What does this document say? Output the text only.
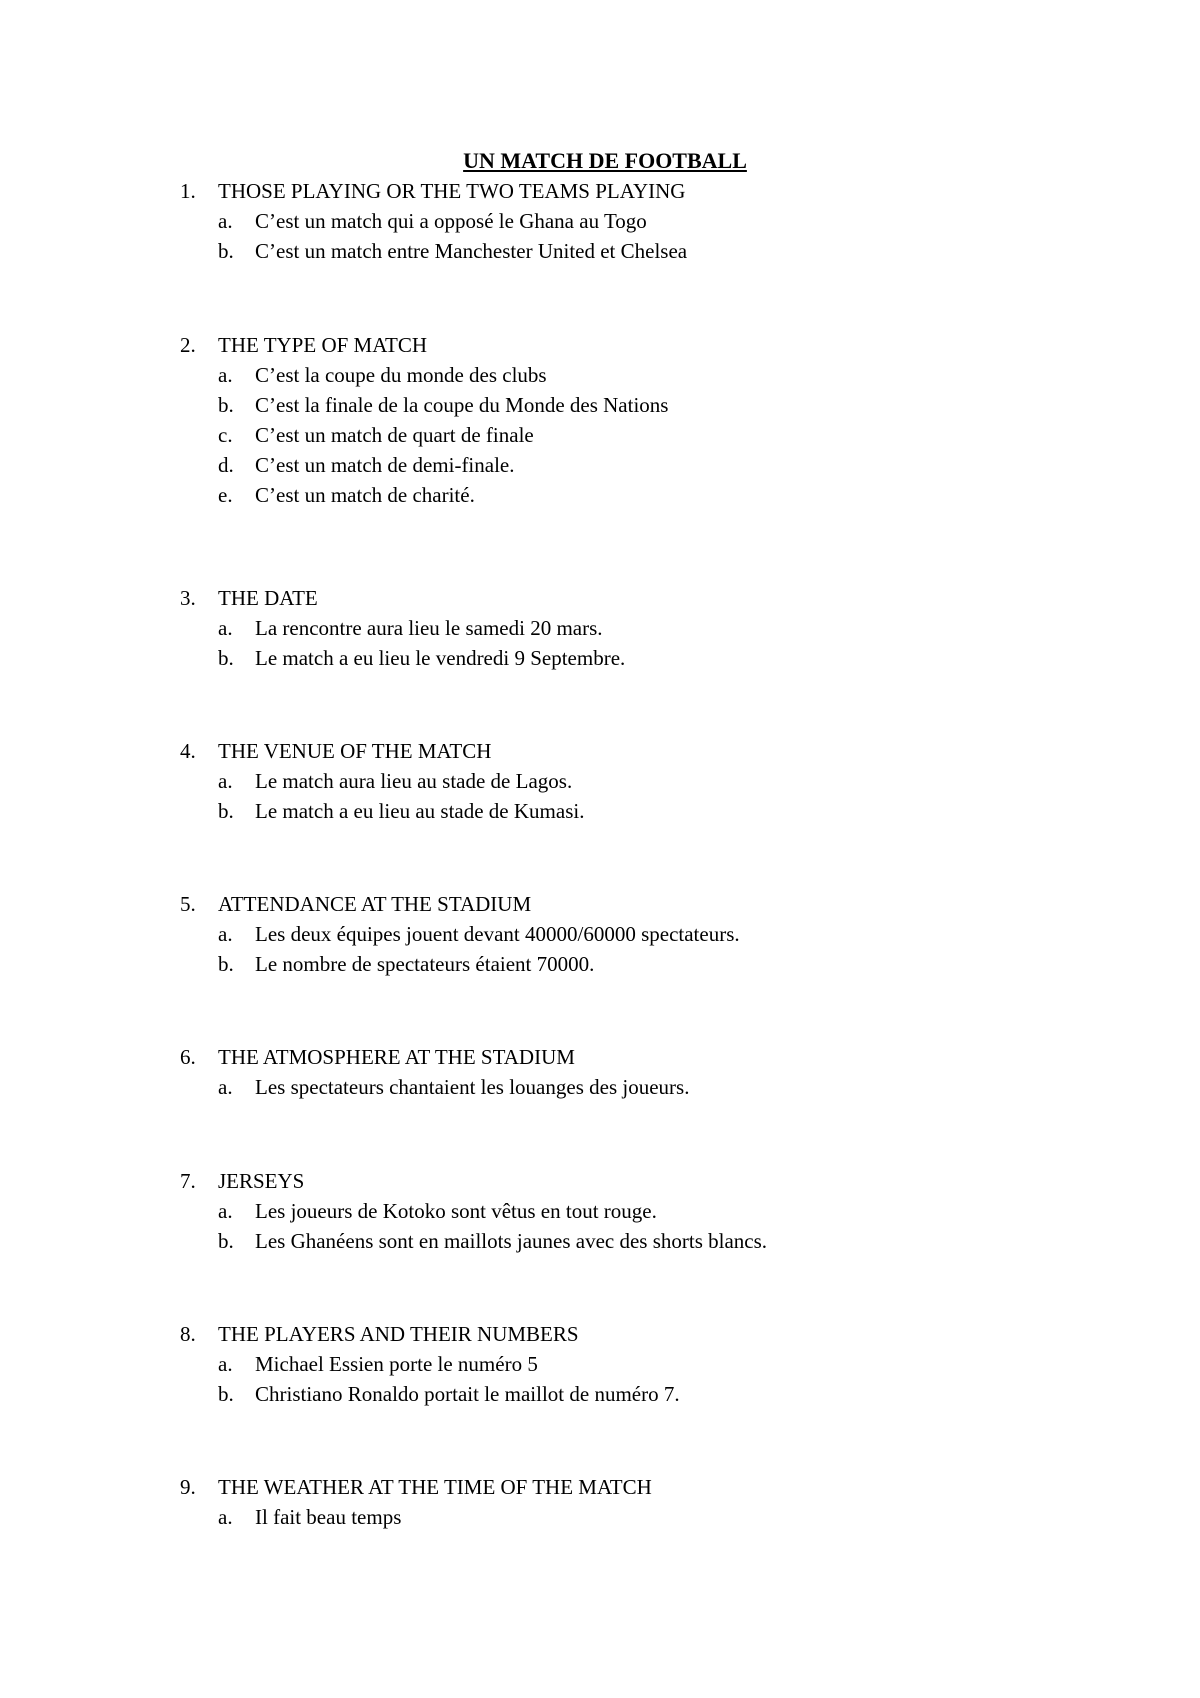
UN MATCH DE FOOTBALL
1.	THOSE PLAYING OR THE TWO TEAMS PLAYING
a.	C’est un match qui a opposé le Ghana au Togo
b.	C’est un match entre Manchester United et Chelsea
2.	THE TYPE OF MATCH
a.	C’est la coupe du monde des clubs
b.	C’est la finale de la coupe du Monde des Nations
c.	C’est un match de quart de finale
d.	C’est un match de demi-finale.
e.	C’est un match de charité.
3.	THE DATE
a.	La rencontre aura lieu le samedi 20 mars.
b.	Le match a eu lieu le vendredi 9 Septembre.
4.	THE VENUE OF THE MATCH
a.	Le match aura lieu au stade de Lagos.
b.	Le match a eu lieu au stade de Kumasi.
5.	ATTENDANCE AT THE STADIUM
a.	Les deux équipes jouent devant 40000/60000 spectateurs.
b.	Le nombre de spectateurs étaient 70000.
6.	THE ATMOSPHERE AT THE STADIUM
a.	Les spectateurs chantaient les louanges des joueurs.
7.	JERSEYS
a.	Les joueurs de Kotoko sont vêtus en tout rouge.
b.	Les Ghanéens sont en maillots jaunes avec des shorts blancs.
8.	THE PLAYERS AND THEIR NUMBERS
a.	Michael Essien porte le numéro 5
b.	Christiano Ronaldo portait le maillot de numéro 7.
9.	THE WEATHER AT THE TIME OF THE MATCH
a.	Il fait beau temps
